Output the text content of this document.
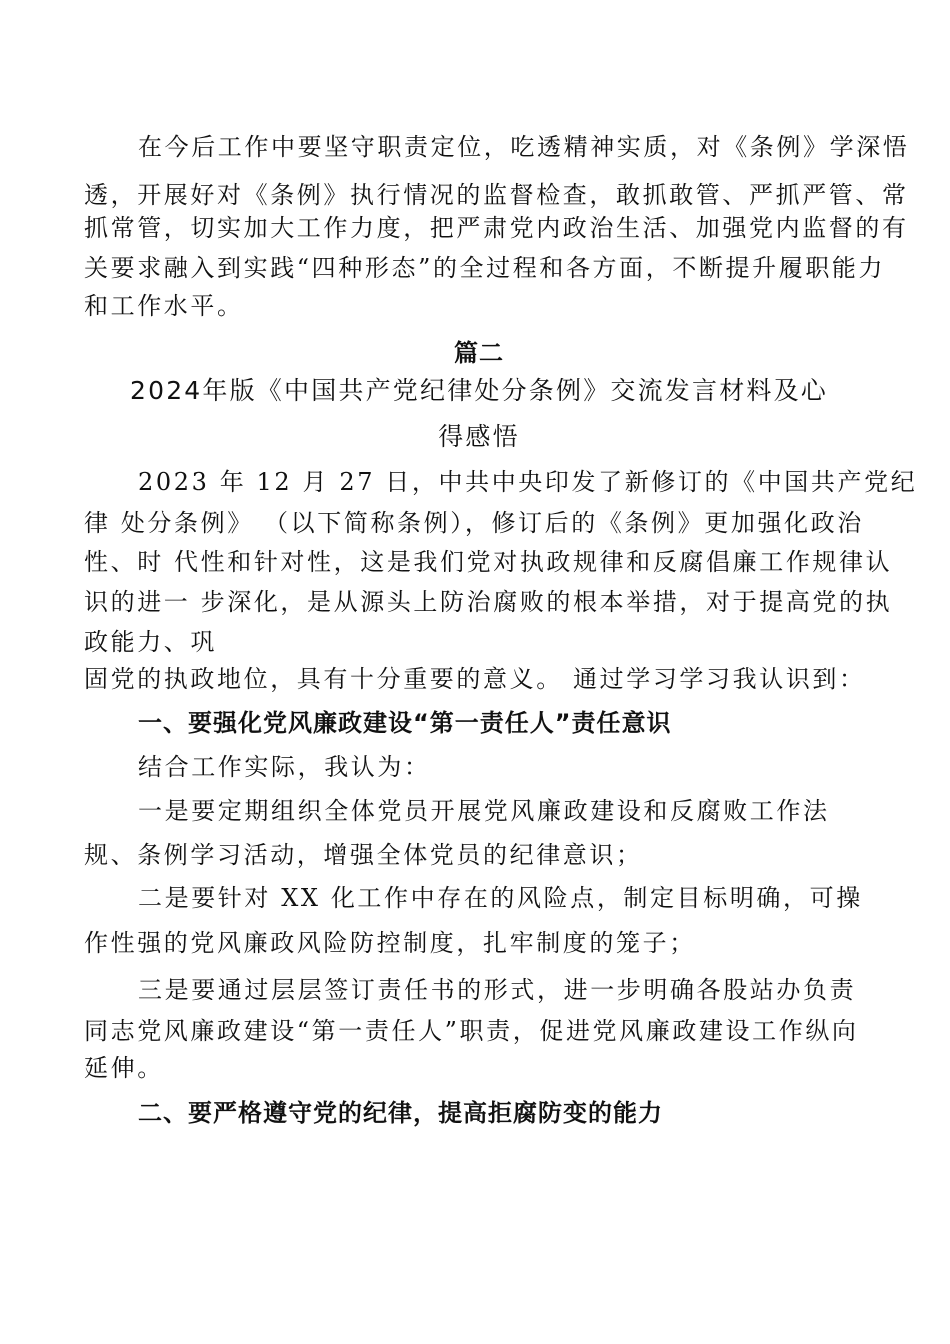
在今后工作中要坚守职责定位，吃透精神实质，对《条例》学深悟
透，开展好对《条例》执行情况的监督检查，敢抓敢管、严抓严管、常
抓常管，切实加大工作力度，把严肃党内政治生活、加强党内监督的有
关要求融入到实践“四种形态”的全过程和各方面，不断提升履职能力
和工作水平。
篇二
2024年版《中国共产党纪律处分条例》交流发言材料及心
得感悟
2023 年 12 月 27 日，中共中央印发了新修订的《中国共产党纪
律 处分条例》 （以下简称条例），修订后的《条例》更加强化政治
性、时 代性和针对性，这是我们党对执政规律和反腐倡廉工作规律认
识的进一 步深化，是从源头上防治腐败的根本举措，对于提高党的执
政能力、巩
固党的执政地位，具有十分重要的意义。 通过学习学习我认识到：
一、要强化党风廉政建设“第一责任人”责任意识
结合工作实际，我认为：
一是要定期组织全体党员开展党风廉政建设和反腐败工作法
规、条例学习活动，增强全体党员的纪律意识；
二是要针对 XX 化工作中存在的风险点，制定目标明确，可操
作性强的党风廉政风险防控制度，扎牢制度的笼子；
三是要通过层层签订责任书的形式，进一步明确各股站办负责
同志党风廉政建设“第一责任人”职责，促进党风廉政建设工作纵向
延伸。
二、要严格遵守党的纪律，提高拒腐防变的能力
